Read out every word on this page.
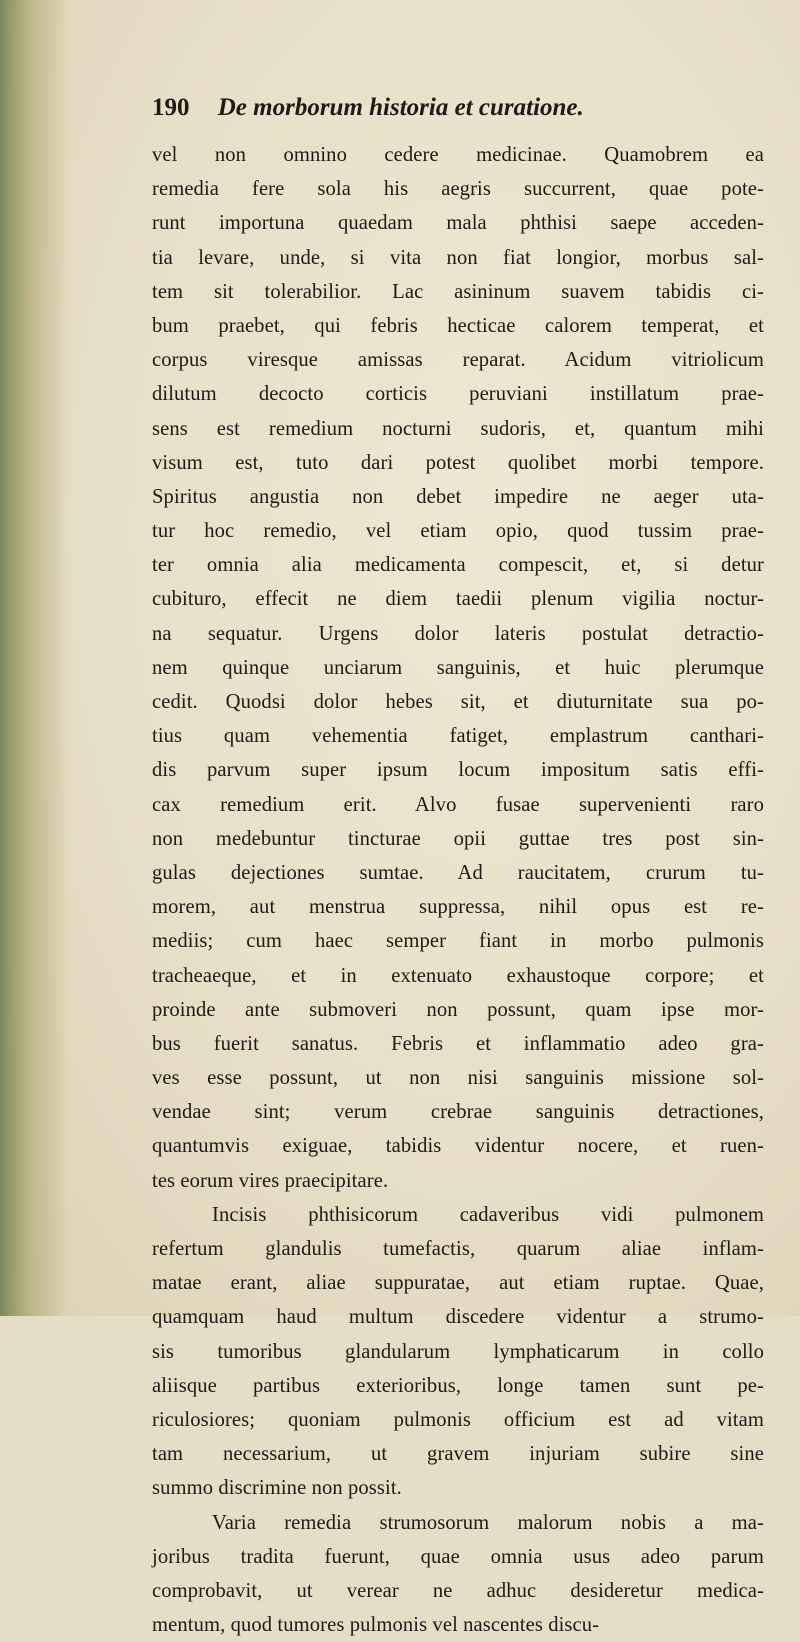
190 De morborum historia et curatione.
vel non omnino cedere medicinae. Quamobrem ea
remedia fere sola his aegris succurrent, quae pote-
runt importuna quaedam mala phthisi saepe acceden-
tia levare, unde, si vita non fiat longior, morbus sal-
tem sit tolerabilior. Lac asininum suavem tabidis ci-
bum praebet, qui febris hecticae calorem temperat, et
corpus viresque amissas reparat. Acidum vitriolicum
dilutum decocto corticis peruviani instillatum prae-
sens est remedium nocturni sudoris, et, quantum mihi
visum est, tuto dari potest quolibet morbi tempore.
Spiritus angustia non debet impedire ne aeger uta-
tur hoc remedio, vel etiam opio, quod tussim prae-
ter omnia alia medicamenta compescit, et, si detur
cubituro, effecit ne diem taedii plenum vigilia noctur-
na sequatur. Urgens dolor lateris postulat detractio-
nem quinque unciarum sanguinis, et huic plerumque
cedit. Quodsi dolor hebes sit, et diuturnitate sua po-
tius quam vehementia fatiget, emplastrum canthari-
dis parvum super ipsum locum impositum satis effi-
cax remedium erit. Alvo fusae supervenienti raro
non medebuntur tincturae opii guttae tres post sin-
gulas dejectiones sumtae. Ad raucitatem, crurum tu-
morem, aut menstrua suppressa, nihil opus est re-
mediis; cum haec semper fiant in morbo pulmonis
tracheaeque, et in extenuato exhaustoque corpore; et
proinde ante submoveri non possunt, quam ipse mor-
bus fuerit sanatus. Febris et inflammatio adeo gra-
ves esse possunt, ut non nisi sanguinis missione sol-
vendae sint; verum crebrae sanguinis detractiones,
quantumvis exiguae, tabidis videntur nocere, et ruen-
tes eorum vires praecipitare.
Incisis phthisicorum cadaveribus vidi pulmonem
refertum glandulis tumefactis, quarum aliae inflam-
matae erant, aliae suppuratae, aut etiam ruptae. Quae,
quamquam haud multum discedere videntur a strumo-
sis tumoribus glandularum lymphaticarum in collo
aliisque partibus exterioribus, longe tamen sunt pe-
riculosiores; quoniam pulmonis officium est ad vitam
tam necessarium, ut gravem injuriam subire sine
summo discrimine non possit.
Varia remedia strumosorum malorum nobis a ma-
joribus tradita fuerunt, quae omnia usus adeo parum
comprobavit, ut verear ne adhuc desideretur medica-
mentum, quod tumores pulmonis vel nascentes discu-
